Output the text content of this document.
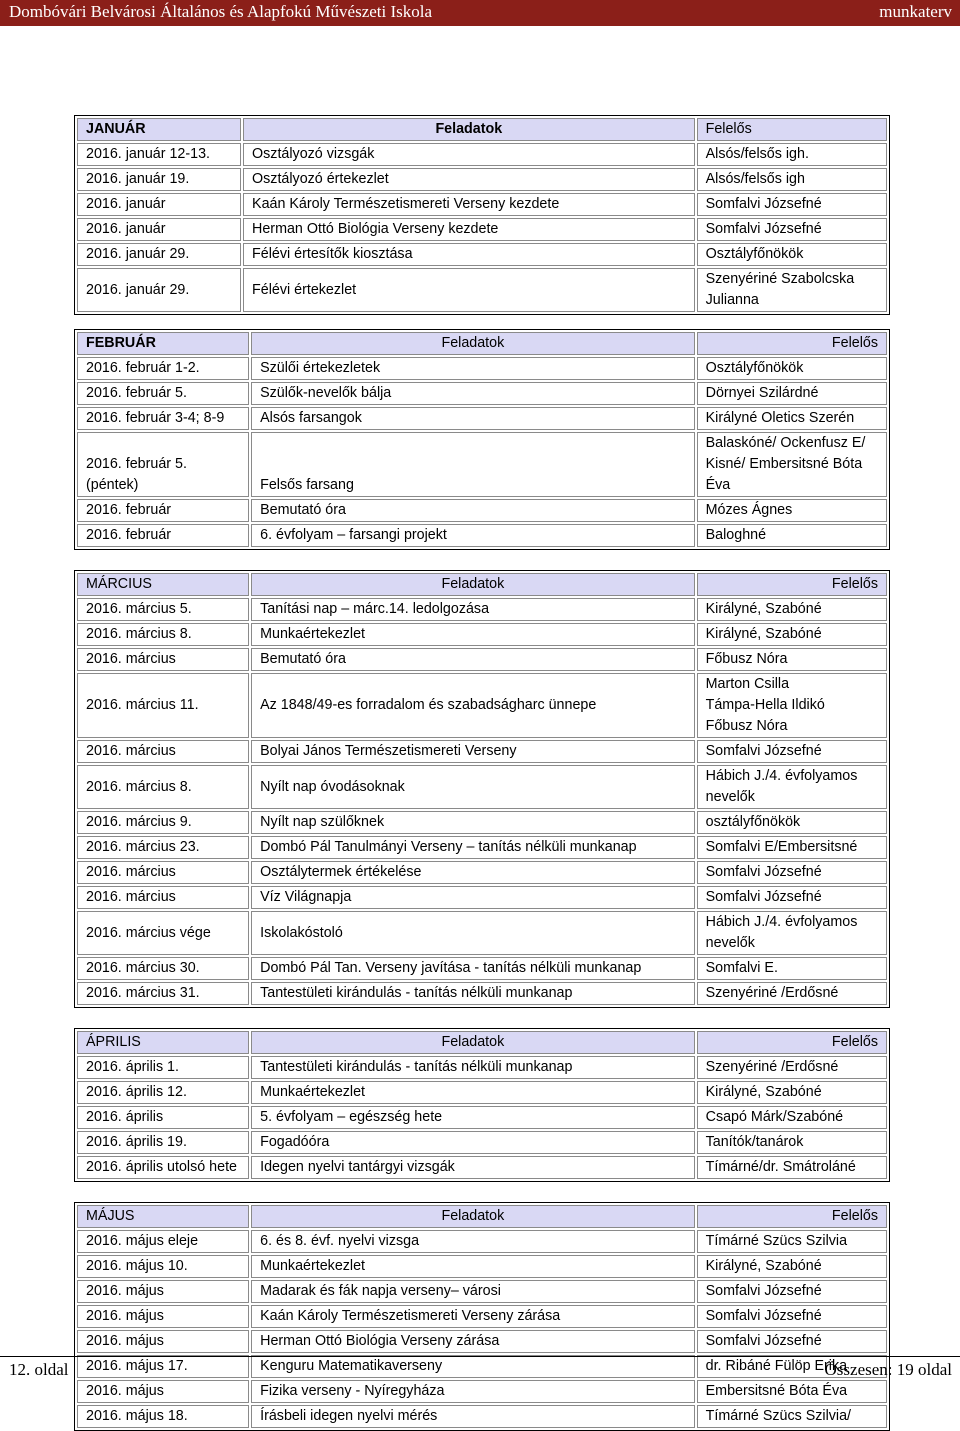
Dombóvári Belvárosi Általános és Alapfokú Művészeti Iskola	munkaterv
JANUÁR	Feladatok	Felelős
2016. január 12-13.	Osztályozó vizsgák	Alsós/felsős igh.
2016. január 19.	Osztályozó értekezlet	Alsós/felsős igh
2016. január	Kaán Károly Természetismereti Verseny kezdete	Somfalvi Józsefné
2016. január	Herman Ottó Biológia Verseny kezdete	Somfalvi Józsefné
2016. január 29.	Félévi értesítők kiosztása	Osztályfőnökök
2016. január 29.	Félévi értekezlet	Szenyériné Szabolcska Julianna
FEBRUÁR	Feladatok	Felelős
2016. február 1-2.	Szülői értekezletek	Osztályfőnökök
2016. február 5.	Szülők-nevelők bálja	Dörnyei Szilárdné
2016. február 3-4; 8-9	Alsós farsangok	Királyné Oletics Szerén
2016. február 5. (péntek)	Felsős farsang	Balaskóné/ Ockenfusz E/ Kisné/ Embersitsné Bóta Éva
2016. február	Bemutató óra	Mózes Ágnes
2016. február	6. évfolyam – farsangi projekt	Baloghné
MÁRCIUS	Feladatok	Felelős
2016. március 5.	Tanítási nap – márc.14. ledolgozása	Királyné, Szabóné
2016. március 8.	Munkaértekezlet	Királyné, Szabóné
2016. március	Bemutató óra	Főbusz Nóra
2016. március 11.	Az 1848/49-es forradalom és szabadságharc ünnepe	Marton Csilla Támpa-Hella Ildikó Főbusz Nóra
2016. március	Bolyai János Természetismereti Verseny	Somfalvi Józsefné
2016. március 8.	Nyílt nap óvodásoknak	Hábich J./4. évfolyamos nevelők
2016. március 9.	Nyílt nap szülőknek	osztályfőnökök
2016. március 23.	Dombó Pál Tanulmányi Verseny – tanítás nélküli munkanap	Somfalvi E/Embersitsné
2016. március	Osztálytermek értékelése	Somfalvi Józsefné
2016. március	Víz Világnapja	Somfalvi Józsefné
2016. március vége	Iskolakóstoló	Hábich J./4. évfolyamos nevelők
2016. március 30.	Dombó Pál Tan. Verseny javítása - tanítás nélküli munkanap	Somfalvi E.
2016. március 31.	Tantestületi kirándulás - tanítás nélküli munkanap	Szenyériné /Erdősné
ÁPRILIS	Feladatok	Felelős
2016. április 1.	Tantestületi kirándulás - tanítás nélküli munkanap	Szenyériné /Erdősné
2016. április 12.	Munkaértekezlet	Királyné, Szabóné
2016. április	5. évfolyam – egészség hete	Csapó Márk/Szabóné
2016. április 19.	Fogadóóra	Tanítók/tanárok
2016. április utolsó hete	Idegen nyelvi tantárgyi vizsgák	Tímárné/dr. Smátroláné
MÁJUS	Feladatok	Felelős
2016. május eleje	6. és 8. évf. nyelvi vizsga	Tímárné Szücs Szilvia
2016. május 10.	Munkaértekezlet	Királyné, Szabóné
2016. május	Madarak és fák napja verseny– városi	Somfalvi Józsefné
2016. május	Kaán Károly Természetismereti Verseny zárása	Somfalvi Józsefné
2016. május	Herman Ottó Biológia Verseny zárása	Somfalvi Józsefné
2016. május 17.	Kenguru Matematikaverseny	dr. Ribáné Fülöp Erika
2016. május	Fizika verseny - Nyíregyháza	Embersitsné Bóta Éva
2016. május 18.	Írásbeli idegen nyelvi mérés	Tímárné Szücs Szilvia/
12. oldal	Összesen: 19 oldal
